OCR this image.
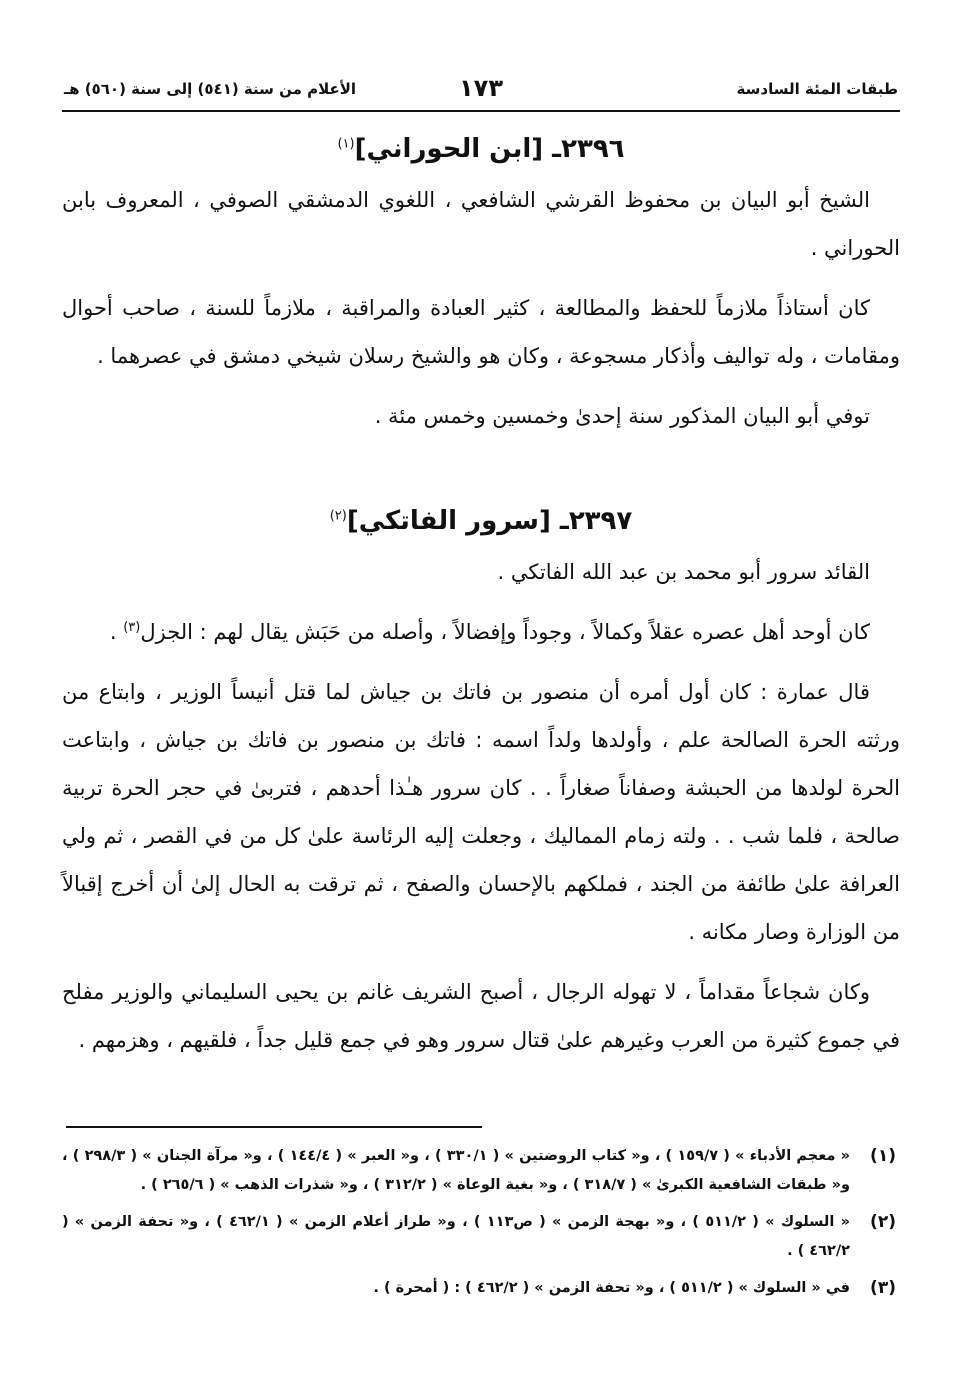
طبقات المئة السادسة
١٧٣
الأعلام من سنة (٥٤١) إلى سنة (٥٦٠) هـ
٢٣٩٦ـ [ابن الحوراني]$^{(١)}$

الشيخ أبو البيان بن محفوظ القرشي الشافعي ، اللغوي الدمشقي الصوفي ، المعروف بابن الحوراني .

كان أستاذاً ملازماً للحفظ والمطالعة ، كثير العبادة والمراقبة ، ملازماً للسنة ، صاحب أحوال ومقامات ، وله تواليف وأذكار مسجوعة ، وكان هو والشيخ رسلان شيخي دمشق في عصرهما .

توفي أبو البيان المذكور سنة إحدىٰ وخمسين وخمس مئة .

٢٣٩٧ـ [سرور الفاتكي]$^{(٢)}$

القائد سرور أبو محمد بن عبد الله الفاتكي .

كان أوحد أهل عصره عقلاً وكمالاً ، وجوداً وإفضالاً ، وأصله من حَبَش يقال لهم : الجزل$^{(٣)}$ .

قال عمارة : كان أول أمره أن منصور بن فاتك بن جياش لما قتل أنيساً الوزير ، وابتاع من ورثته الحرة الصالحة علم ، وأولدها ولداً اسمه : فاتك بن منصور بن فاتك بن جياش ، وابتاعت الحرة لولدها من الحبشة وصفاناً صغاراً . . كان سرور هـٰذا أحدهم ، فتربىٰ في حجر الحرة تربية صالحة ، فلما شب . . ولته زمام المماليك ، وجعلت إليه الرئاسة علىٰ كل من في القصر ، ثم ولي العرافة علىٰ طائفة من الجند ، فملكهم بالإحسان والصفح ، ثم ترقت به الحال إلىٰ أن أخرج إقبالاً من الوزارة وصار مكانه .

وكان شجاعاً مقداماً ، لا تهوله الرجال ، أصبح الشريف غانم بن يحيى السليماني والوزير مفلح في جموع كثيرة من العرب وغيرهم علىٰ قتال سرور وهو في جمع قليل جداً ، فلقيهم ، وهزمهم .

(١)
« معجم الأدباء » ( ١٥٩/٧ ) ، و« كتاب الروضتين » ( ٣٣٠/١ ) ، و« العبر » ( ١٤٤/٤ ) ، و« مرآة الجنان » ( ٢٩٨/٣ ) ، و« طبقات الشافعية الكبرىٰ » ( ٣١٨/٧ ) ، و« بغية الوعاة » ( ٣١٢/٢ ) ، و« شذرات الذهب » ( ٢٦٥/٦ ) .
(٢)
« السلوك » ( ٥١١/٢ ) ، و« بهجة الزمن » ( ص١١٣ ) ، و« طراز أعلام الزمن » ( ٤٦٢/١ ) ، و« تحفة الزمن » ( ٤٦٢/٢ ) .
(٣)
في « السلوك » ( ٥١١/٢ ) ، و« تحفة الزمن » ( ٤٦٢/٢ ) : ( أمحرة ) .
